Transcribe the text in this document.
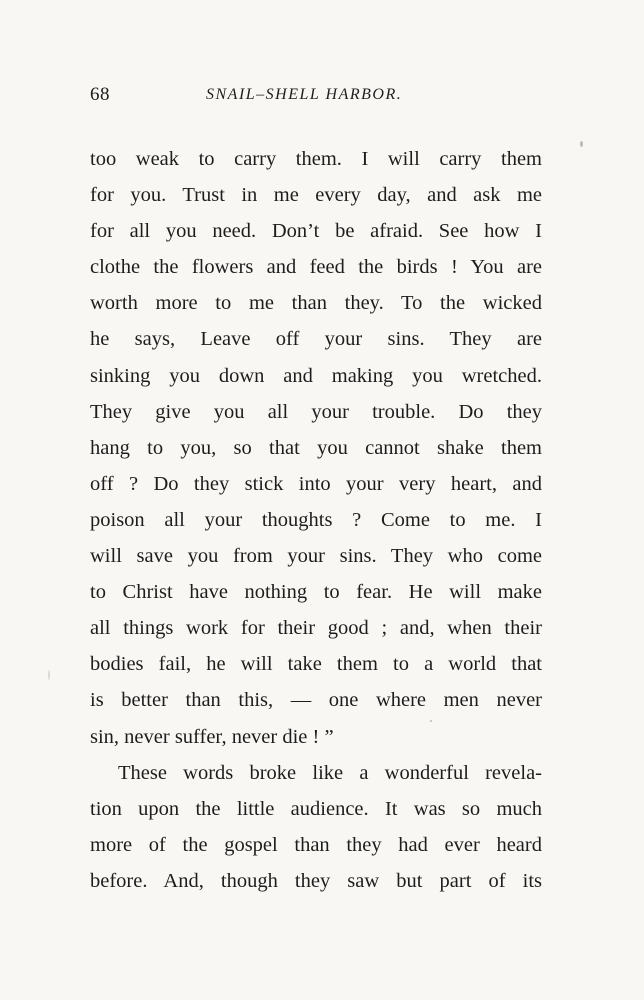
68	SNAIL–SHELL HARBOR.
too weak to carry them. I will carry them
for you. Trust in me every day, and ask me
for all you need. Don’t be afraid. See how I
clothe the flowers and feed the birds ! You are
worth more to me than they. To the wicked
he says, Leave off your sins. They are
sinking you down and making you wretched.
They give you all your trouble. Do they
hang to you, so that you cannot shake them
off ? Do they stick into your very heart, and
poison all your thoughts ? Come to me. I
will save you from your sins. They who come
to Christ have nothing to fear. He will make
all things work for their good ; and, when their
bodies fail, he will take them to a world that
is better than this, — one where men never
sin, never suffer, never die ! ”
These words broke like a wonderful revela-
tion upon the little audience. It was so much
more of the gospel than they had ever heard
before. And, though they saw but part of its
